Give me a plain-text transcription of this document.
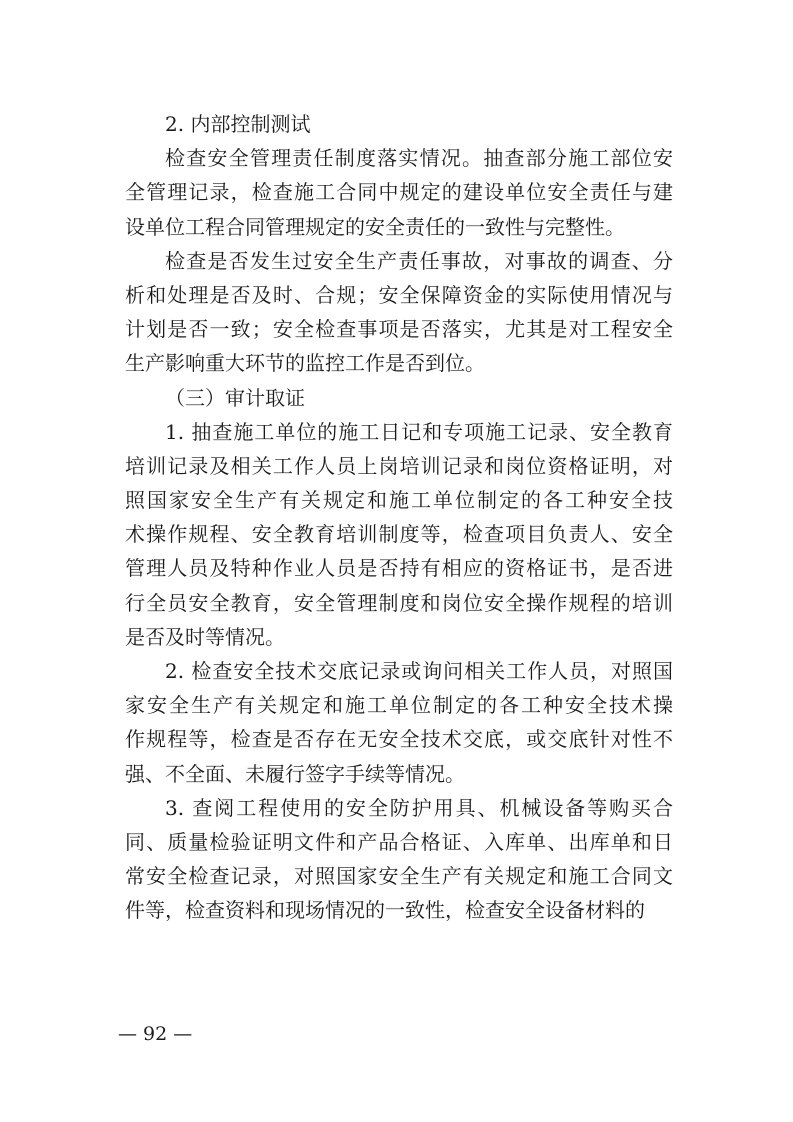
2. 内部控制测试
检查安全管理责任制度落实情况。抽查部分施工部位安
全管理记录，检查施工合同中规定的建设单位安全责任与建
设单位工程合同管理规定的安全责任的一致性与完整性。
检查是否发生过安全生产责任事故，对事故的调查、分
析和处理是否及时、合规；安全保障资金的实际使用情况与
计划是否一致；安全检查事项是否落实，尤其是对工程安全
生产影响重大环节的监控工作是否到位。
（三）审计取证
1. 抽查施工单位的施工日记和专项施工记录、安全教育
培训记录及相关工作人员上岗培训记录和岗位资格证明，对
照国家安全生产有关规定和施工单位制定的各工种安全技
术操作规程、安全教育培训制度等，检查项目负责人、安全
管理人员及特种作业人员是否持有相应的资格证书，是否进
行全员安全教育，安全管理制度和岗位安全操作规程的培训
是否及时等情况。
2. 检查安全技术交底记录或询问相关工作人员，对照国
家安全生产有关规定和施工单位制定的各工种安全技术操
作规程等，检查是否存在无安全技术交底，或交底针对性不
强、不全面、未履行签字手续等情况。
3. 查阅工程使用的安全防护用具、机械设备等购买合
同、质量检验证明文件和产品合格证、入库单、出库单和日
常安全检查记录，对照国家安全生产有关规定和施工合同文
件等，检查资料和现场情况的一致性，检查安全设备材料的
— 92 —
